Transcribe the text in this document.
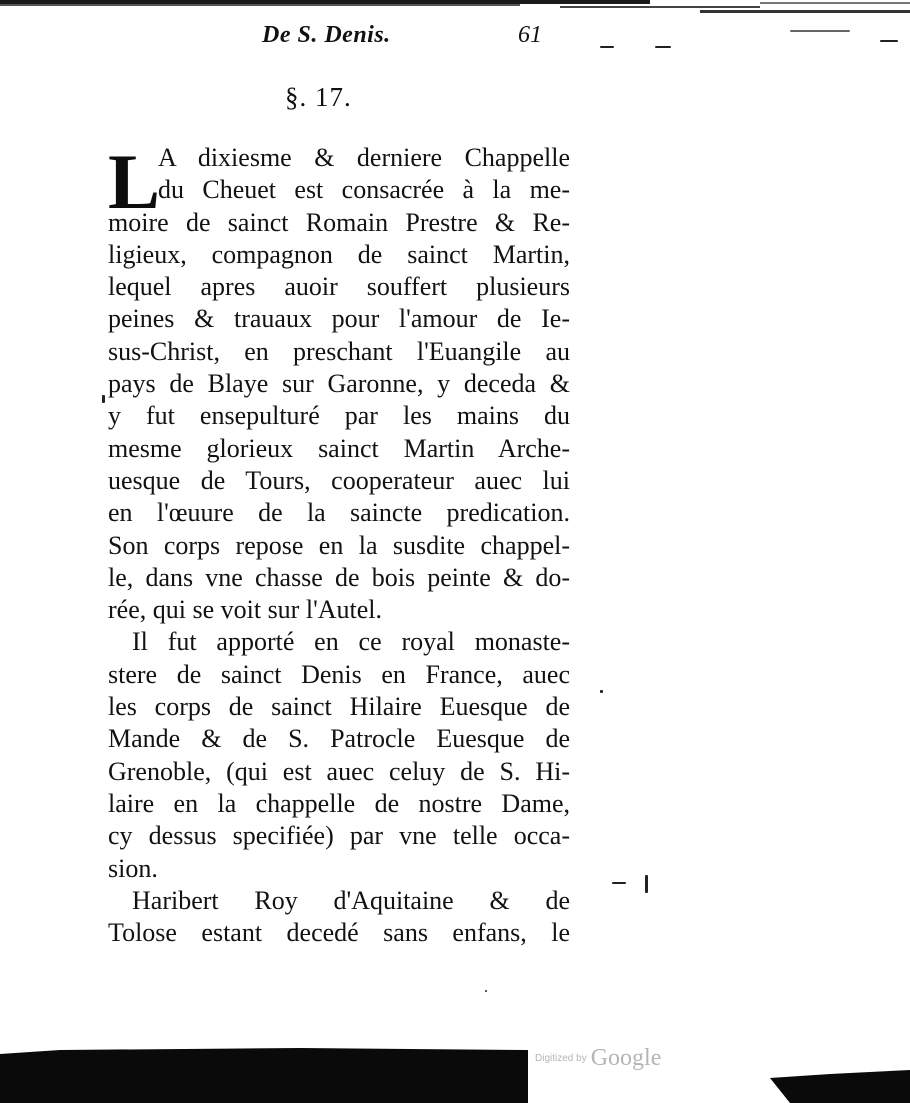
De S. Denis.	61
§. 17.
L
A dixiesme & derniere Chappelle
du Cheuet est consacrée à la me-
moire de sainct Romain Prestre & Re-
ligieux, compagnon de sainct Martin,
lequel apres auoir souffert plusieurs
peines & trauaux pour l'amour de Ie-
sus-Christ, en preschant l'Euangile au
pays de Blaye sur Garonne, y deceda &
y fut ensepulturé par les mains du
mesme glorieux sainct Martin Arche-
uesque de Tours, cooperateur auec lui
en l'œuure de la saincte predication.
Son corps repose en la susdite chappel-
le, dans vne chasse de bois peinte & do-
rée, qui se voit sur l'Autel.
Il fut apporté en ce royal monaste-
stere de sainct Denis en France, auec
les corps de sainct Hilaire Euesque de
Mande & de S. Patrocle Euesque de
Grenoble, (qui est auec celuy de S. Hi-
laire en la chappelle de nostre Dame,
cy dessus specifiée) par vne telle occa-
sion.
Haribert Roy d'Aquitaine & de
Tolose estant decedé sans enfans, le
Digitized by Google
